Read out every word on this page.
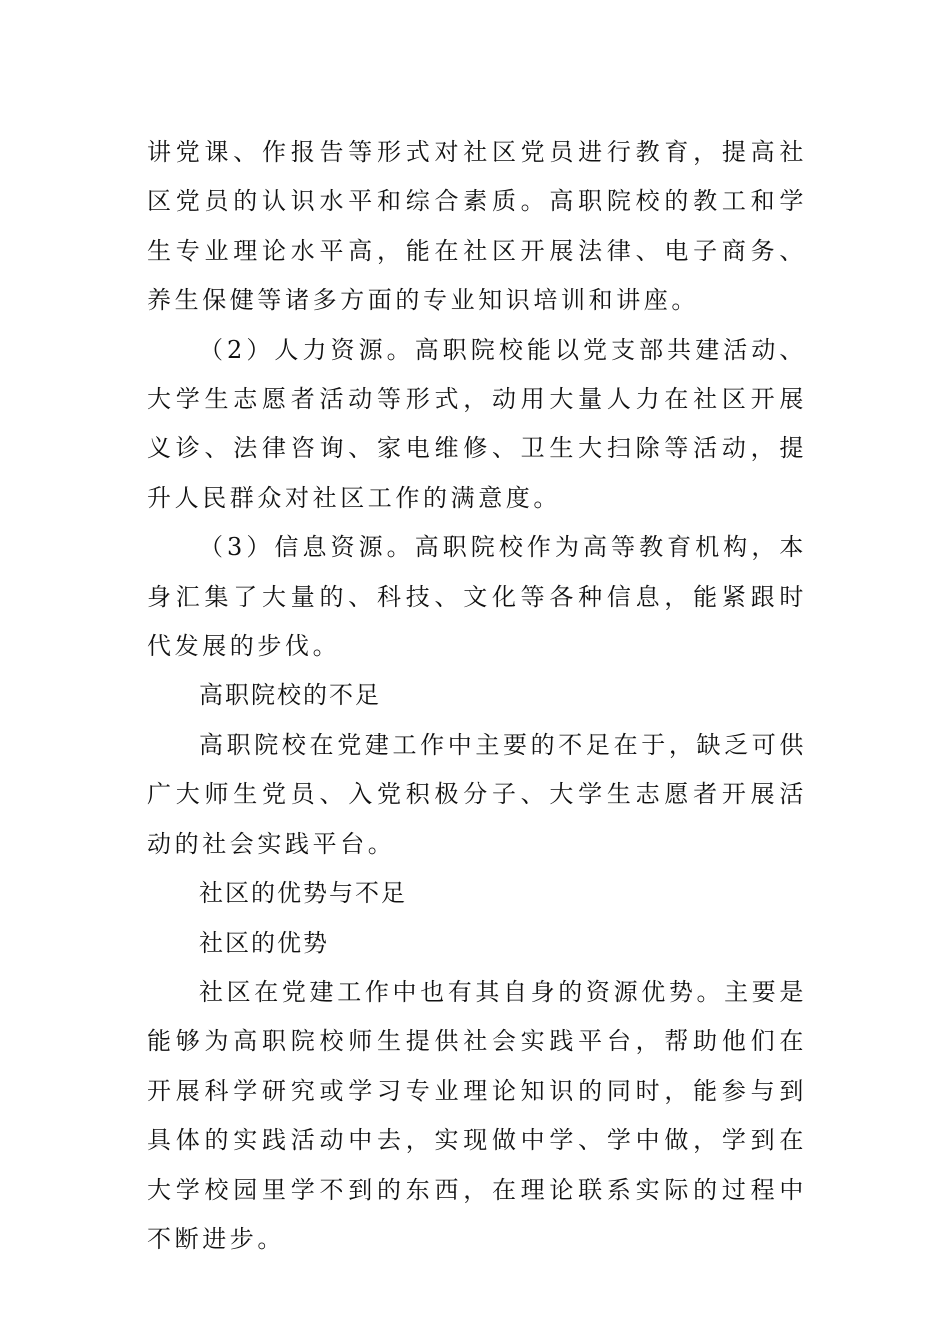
讲党课、作报告等形式对社区党员进行教育，提高社区党员的认识水平和综合素质。高职院校的教工和学生专业理论水平高，能在社区开展法律、电子商务、养生保健等诸多方面的专业知识培训和讲座。

（2）人力资源。高职院校能以党支部共建活动、大学生志愿者活动等形式，动用大量人力在社区开展义诊、法律咨询、家电维修、卫生大扫除等活动，提升人民群众对社区工作的满意度。

（3）信息资源。高职院校作为高等教育机构，本身汇集了大量的、科技、文化等各种信息，能紧跟时代发展的步伐。

高职院校的不足

高职院校在党建工作中主要的不足在于，缺乏可供广大师生党员、入党积极分子、大学生志愿者开展活动的社会实践平台。

社区的优势与不足

社区的优势

社区在党建工作中也有其自身的资源优势。主要是能够为高职院校师生提供社会实践平台，帮助他们在开展科学研究或学习专业理论知识的同时，能参与到具体的实践活动中去，实现做中学、学中做，学到在大学校园里学不到的东西，在理论联系实际的过程中不断进步。
